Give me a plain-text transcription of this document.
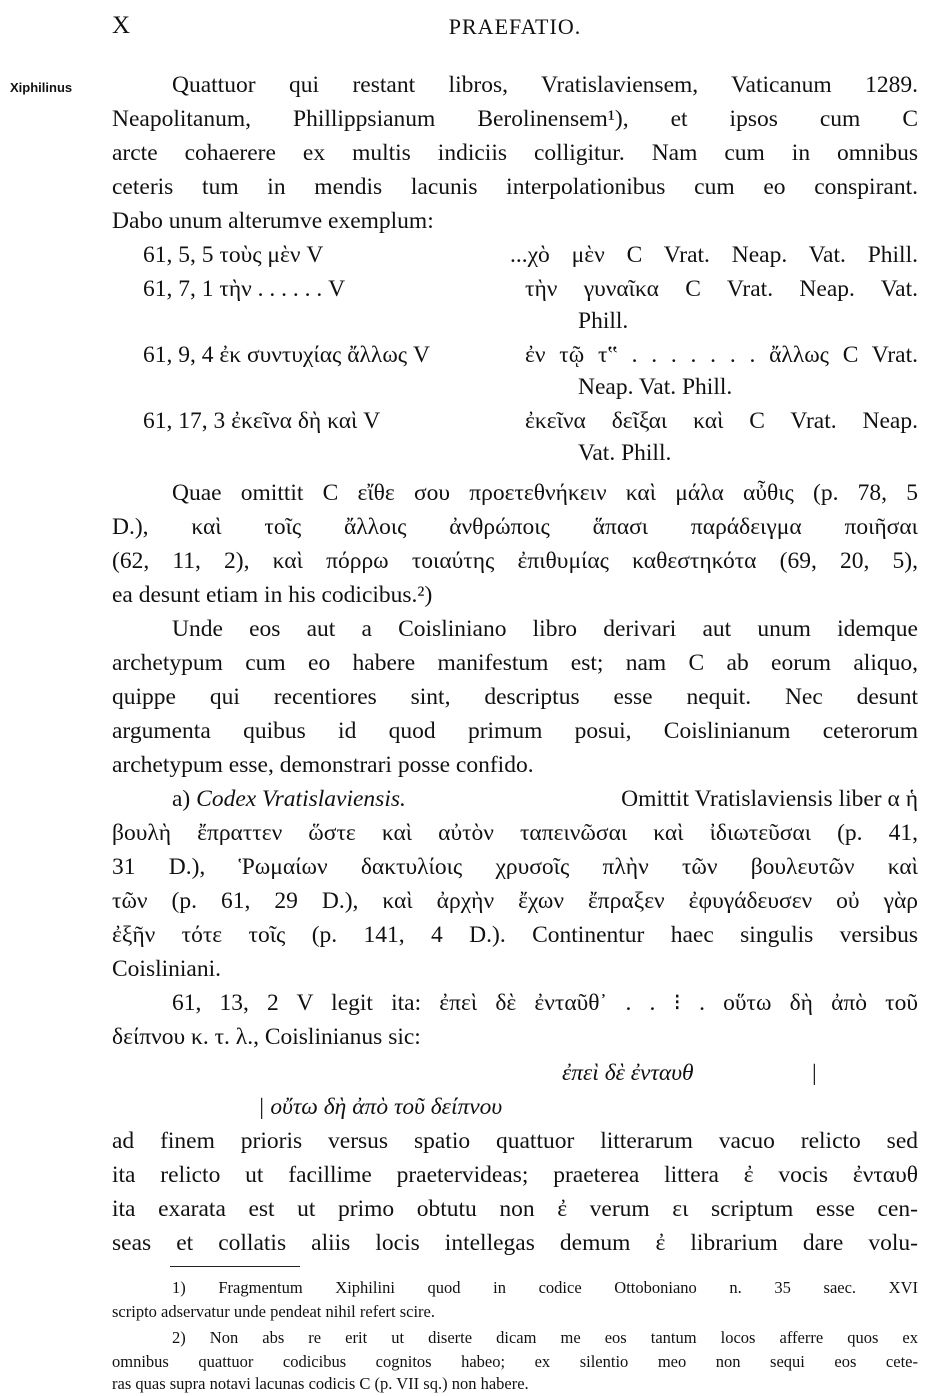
X	PRAEFATIO.
Xiphilinus	Quattuor qui restant libros, Vratislaviensem, Vaticanum 1289.
Neapolitanum, Phillippsianum Berolinensem¹), et ipsos cum C
arcte cohaerere ex multis indiciis colligitur. Nam cum in omnibus
ceteris tum in mendis lacunis interpolationibus cum eo conspirant.
Dabo unum alterumve exemplum:
61, 5, 5 τοὺς μὲν V	...χὸ μὲν C Vrat. Neap. Vat. Phill.
61, 7, 1 τὴν . . . . . . V	τὴν γυναῖκα C Vrat. Neap. Vat.
Phill.
61, 9, 4 ἐκ συντυχίας ἄλλως V	ἐν τῷ τ‟ . . . . . . . ἄλλως C Vrat.
Neap. Vat. Phill.
61, 17, 3 ἐκεῖνα δὴ καὶ V	ἐκεῖνα δεῖξαι καὶ C Vrat. Neap.
Vat. Phill.
Quae omittit C εἴθε σου προετεθνήκειν καὶ μάλα αὖθις (p. 78, 5
D.), καὶ τοῖς ἄλλοις ἀνθρώποις ἅπασι παράδειγμα ποιῆσαι
(62, 11, 2), καὶ πόρρω τοιαύτης ἐπιθυμίας καθεστηκότα (69, 20, 5),
ea desunt etiam in his codicibus.²)
Unde eos aut a Coisliniano libro derivari aut unum idemque
archetypum cum eo habere manifestum est; nam C ab eorum aliquo,
quippe qui recentiores sint, descriptus esse nequit. Nec desunt
argumenta quibus id quod primum posui, Coislinianum ceterorum
archetypum esse, demonstrari posse confido.
a) Codex Vratislaviensis.	Omittit Vratislaviensis liber α ἡ
βουλὴ ἔπραττεν ὥστε καὶ αὐτὸν ταπεινῶσαι καὶ ἰδιωτεῦσαι (p. 41,
31 D.), Ῥωμαίων δακτυλίοις χρυσοῖς πλὴν τῶν βουλευτῶν καὶ
τῶν (p. 61, 29 D.), καὶ ἀρχὴν ἔχων ἔπραξεν ἐφυγάδευσεν οὐ γὰρ
ἐξῆν τότε τοῖς (p. 141, 4 D.). Continentur haec singulis versibus
Coisliniani.
61, 13, 2 V legit ita: ἐπεὶ δὲ ἐνταῦθ᾽ . . ⁝ . οὕτω δὴ ἀπὸ τοῦ
δείπνου κ. τ. λ., Coislinianus sic:
ἐπεὶ δὲ ἐνταυθ	|
| οὔτω δὴ ἀπὸ τοῦ δείπνου
ad finem prioris versus spatio quattuor litterarum vacuo relicto sed
ita relicto ut facillime praetervideas; praeterea littera ἐ vocis ἐνταυθ
ita exarata est ut primo obtutu non ἐ verum ει scriptum esse cen-
seas et collatis aliis locis intellegas demum ἐ librarium dare volu-
1) Fragmentum Xiphilini quod in codice Ottoboniano n. 35 saec. XVI
scripto adservatur unde pendeat nihil refert scire.
2) Non abs re erit ut diserte dicam me eos tantum locos afferre quos ex
omnibus quattuor codicibus cognitos habeo; ex silentio meo non sequi eos cete-
ras quas supra notavi lacunas codicis C (p. VII sq.) non habere.
